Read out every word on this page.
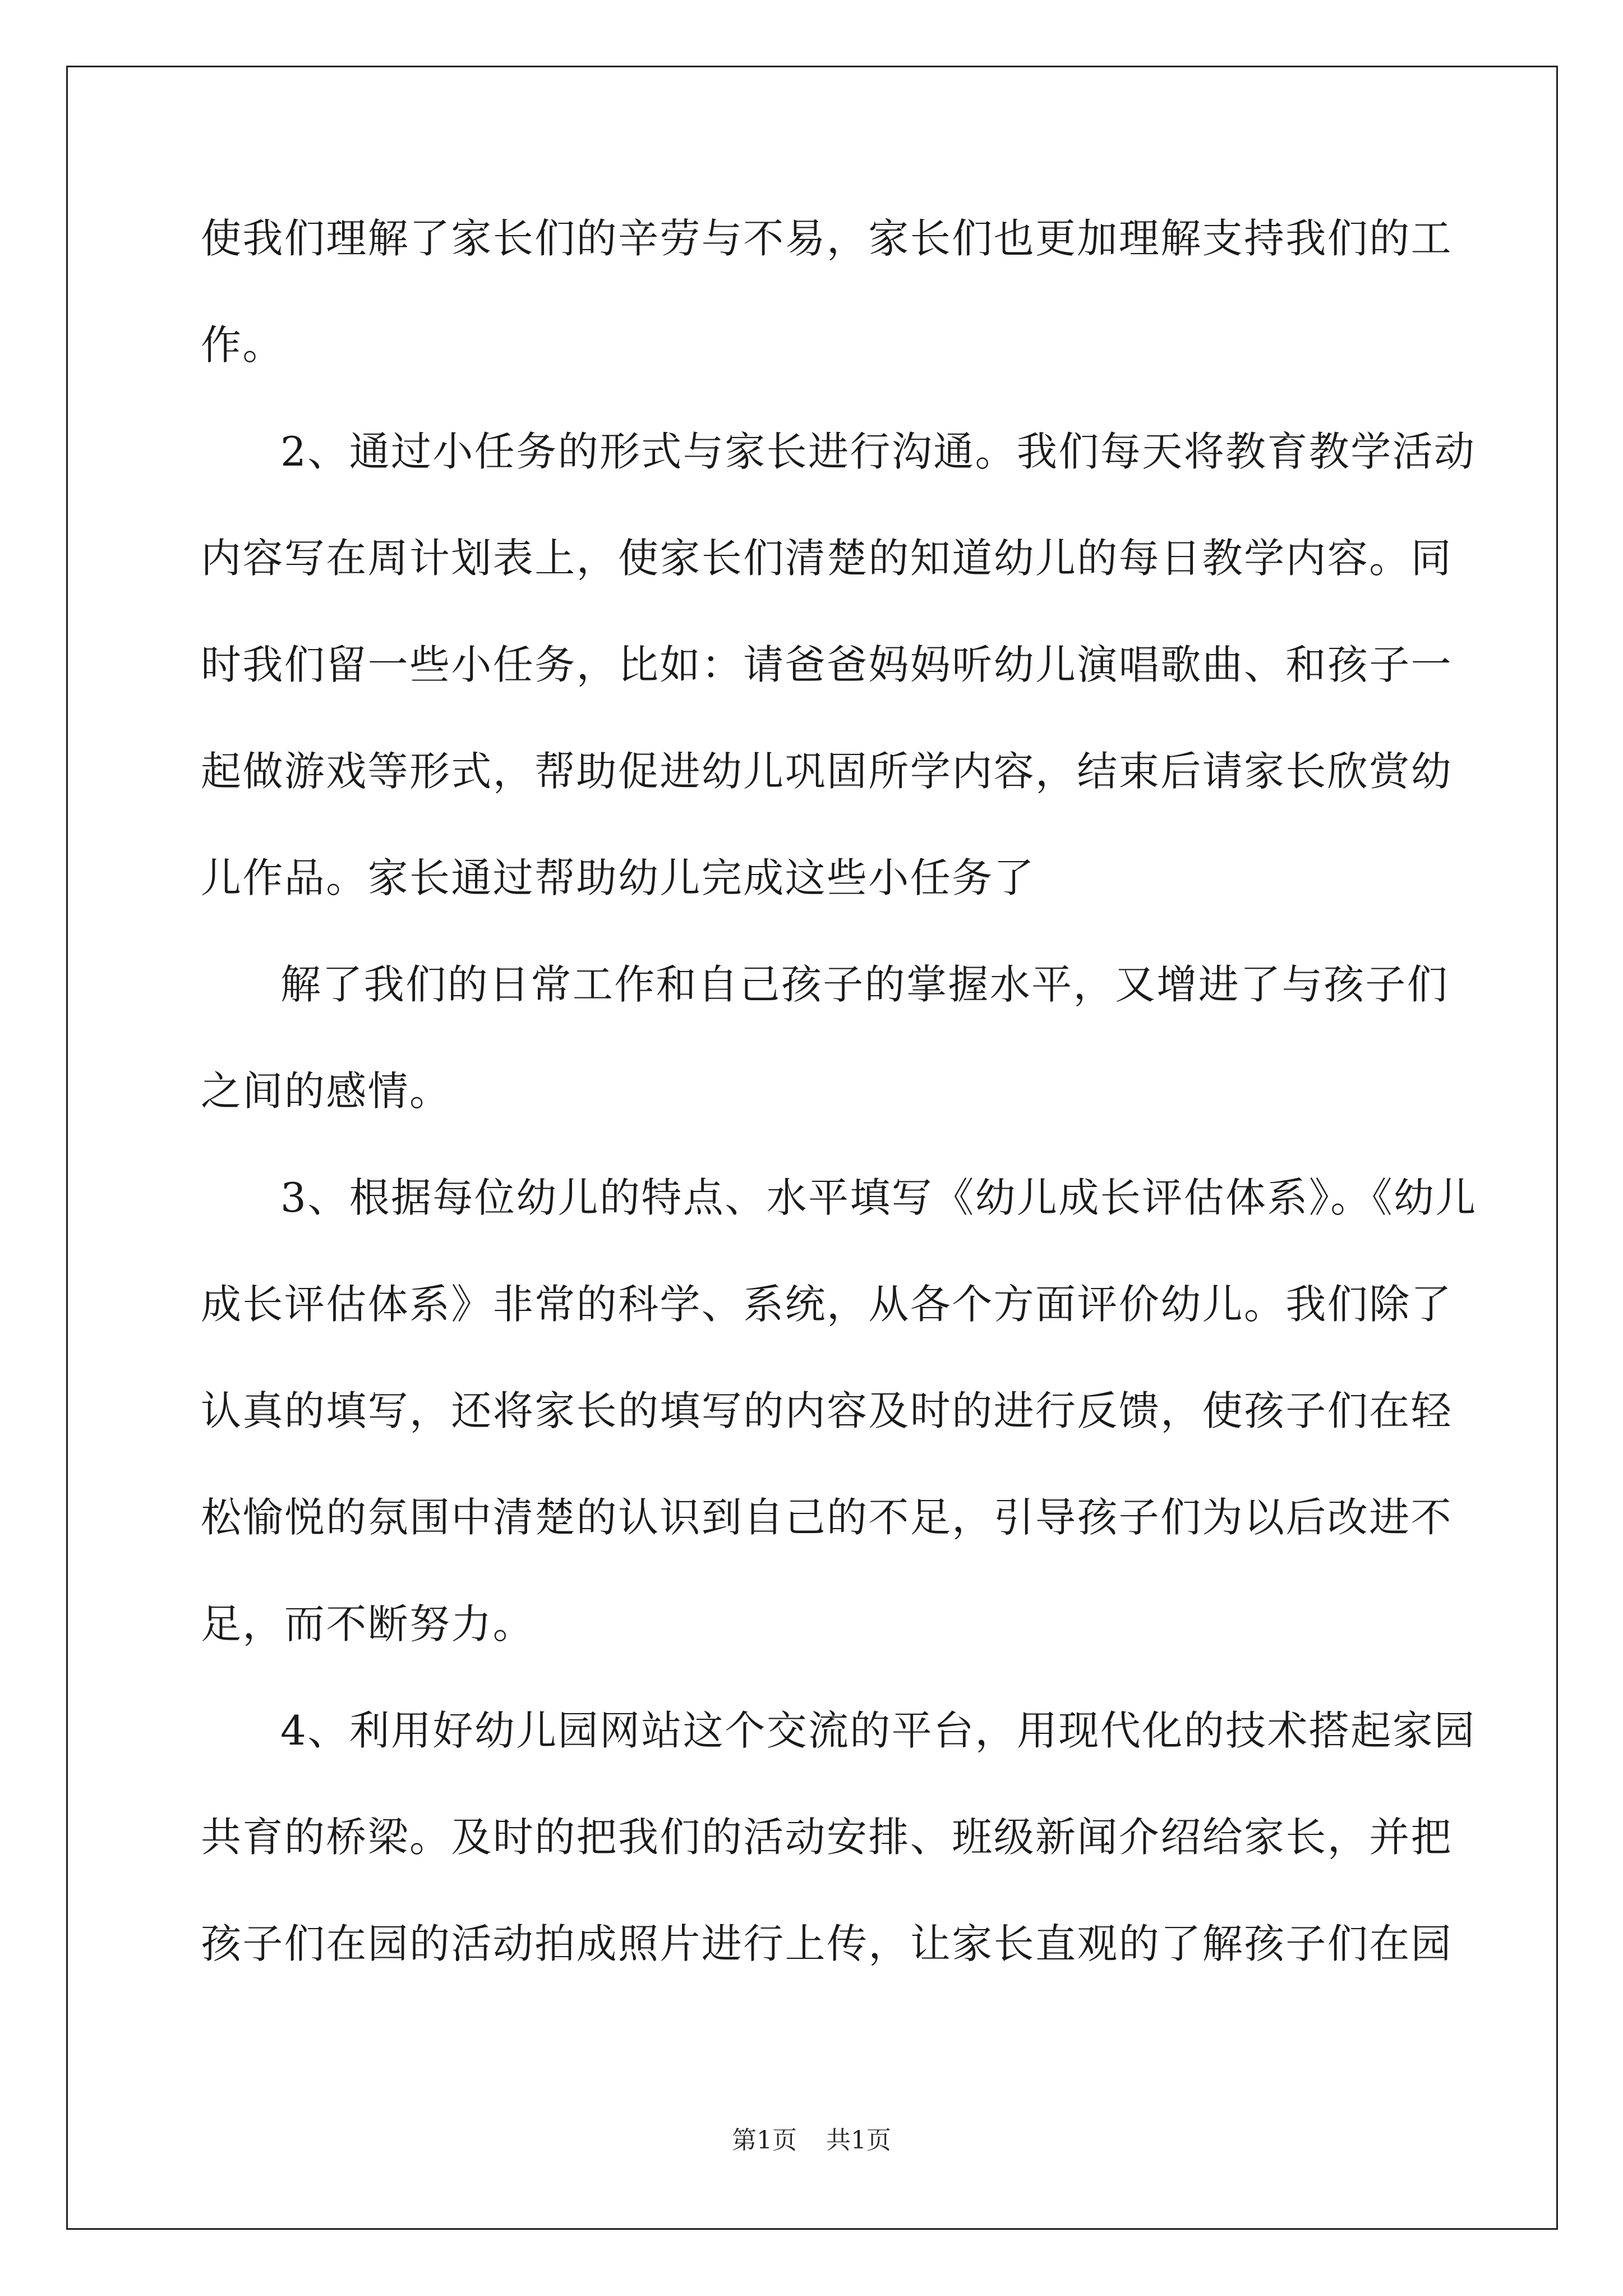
使我们理解了家长们的辛劳与不易，家长们也更加理解支持我们的工
作。
2、通过小任务的形式与家长进行沟通。我们每天将教育教学活动
内容写在周计划表上，使家长们清楚的知道幼儿的每日教学内容。同
时我们留一些小任务，比如：请爸爸妈妈听幼儿演唱歌曲、和孩子一
起做游戏等形式，帮助促进幼儿巩固所学内容，结束后请家长欣赏幼
儿作品。家长通过帮助幼儿完成这些小任务了
解了我们的日常工作和自己孩子的掌握水平，又增进了与孩子们
之间的感情。
3、根据每位幼儿的特点、水平填写《幼儿成长评估体系》。《幼儿
成长评估体系》非常的科学、系统，从各个方面评价幼儿。我们除了
认真的填写，还将家长的填写的内容及时的进行反馈，使孩子们在轻
松愉悦的氛围中清楚的认识到自己的不足，引导孩子们为以后改进不
足，而不断努力。
4、利用好幼儿园网站这个交流的平台，用现代化的技术搭起家园
共育的桥梁。及时的把我们的活动安排、班级新闻介绍给家长，并把
孩子们在园的活动拍成照片进行上传，让家长直观的了解孩子们在园
第1页 共1页
